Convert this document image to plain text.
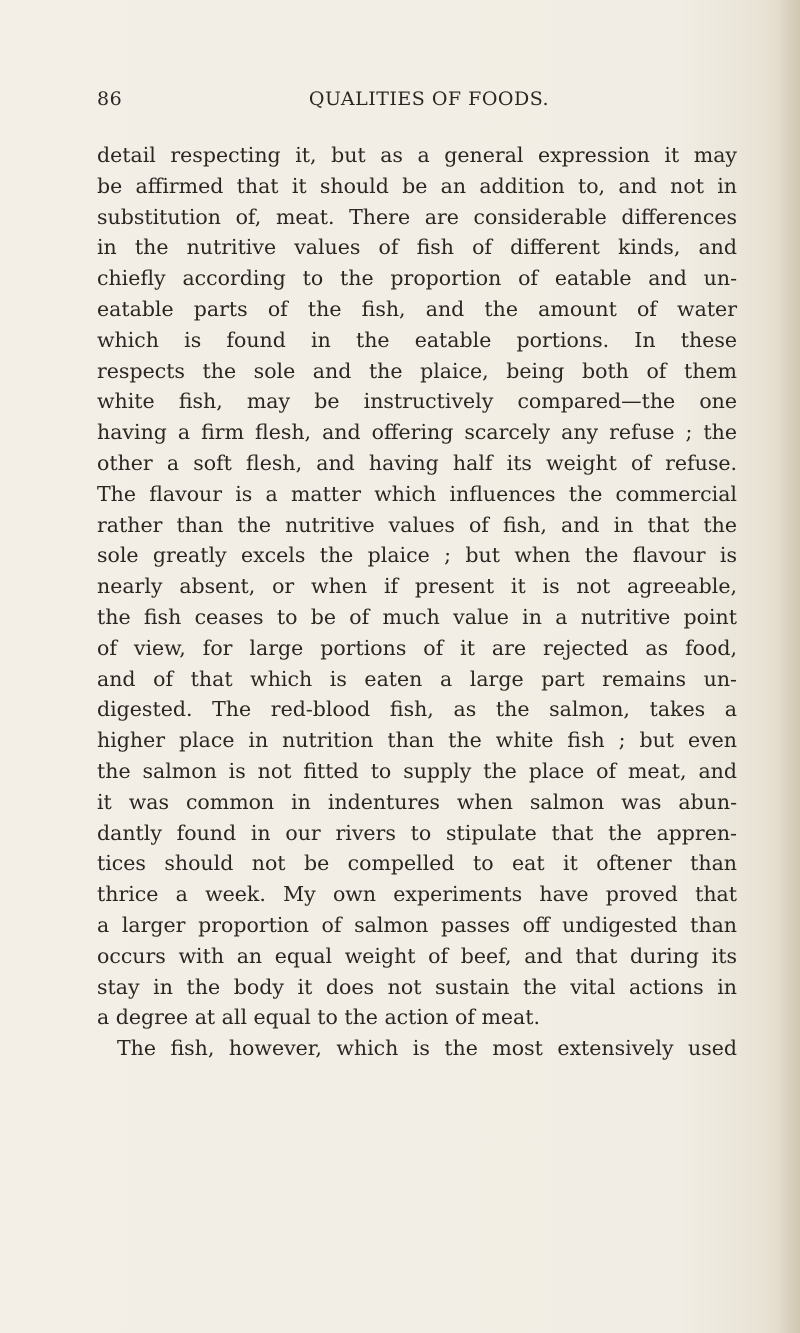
86	QUALITIES OF FOODS.
detail respecting it, but as a general expression it may
be affirmed that it should be an addition to, and not in
substitution of, meat. There are considerable differences
in the nutritive values of fish of different kinds, and
chiefly according to the proportion of eatable and un-
eatable parts of the fish, and the amount of water
which is found in the eatable portions. In these
respects the sole and the plaice, being both of them
white fish, may be instructively compared—the one
having a firm flesh, and offering scarcely any refuse ; the
other a soft flesh, and having half its weight of refuse.
The flavour is a matter which influences the commercial
rather than the nutritive values of fish, and in that the
sole greatly excels the plaice ; but when the flavour is
nearly absent, or when if present it is not agreeable,
the fish ceases to be of much value in a nutritive point
of view, for large portions of it are rejected as food,
and of that which is eaten a large part remains un-
digested. The red-blood fish, as the salmon, takes a
higher place in nutrition than the white fish ; but even
the salmon is not fitted to supply the place of meat, and
it was common in indentures when salmon was abun-
dantly found in our rivers to stipulate that the appren-
tices should not be compelled to eat it oftener than
thrice a week. My own experiments have proved that
a larger proportion of salmon passes off undigested than
occurs with an equal weight of beef, and that during its
stay in the body it does not sustain the vital actions in
a degree at all equal to the action of meat.
The fish, however, which is the most extensively used
